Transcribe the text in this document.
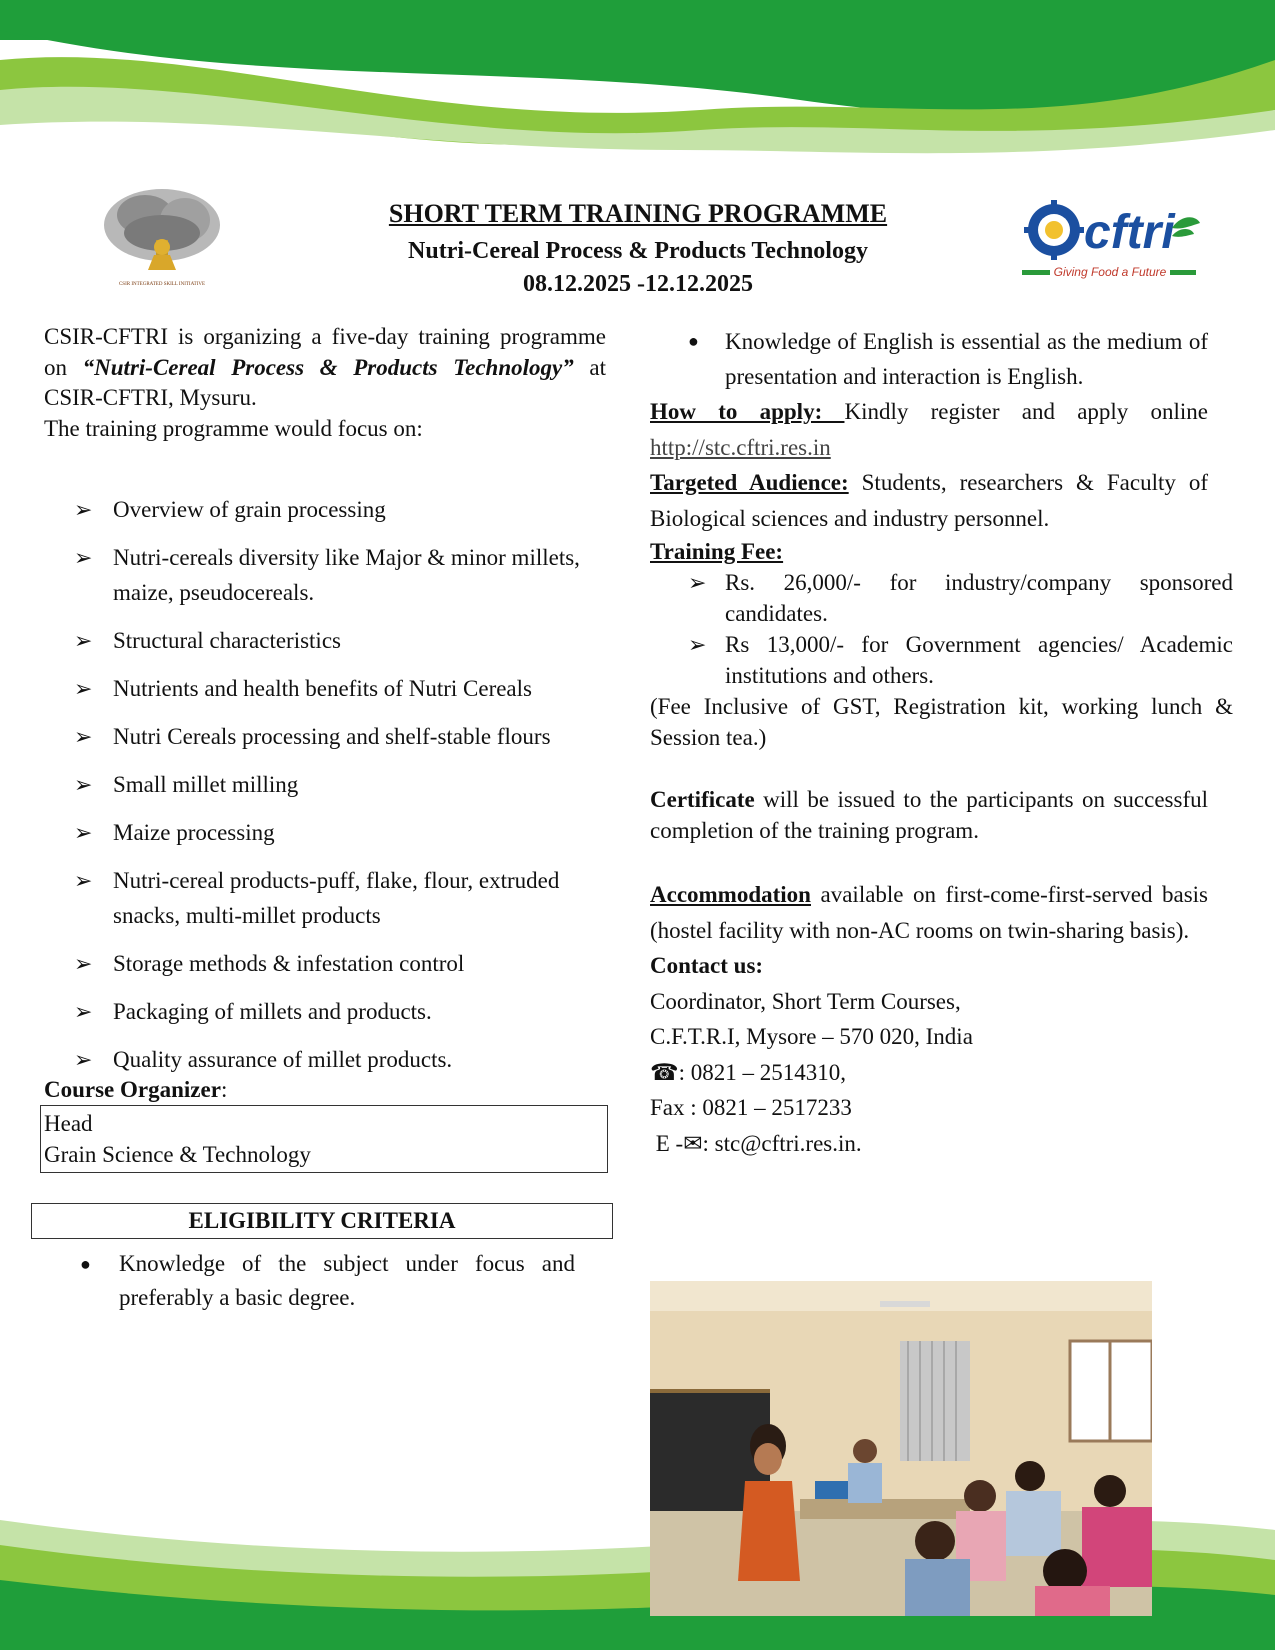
CSIR INTEGRATED SKILL INITIATIVE
SHORT TERM TRAINING PROGRAMME
Nutri-Cereal Process & Products Technology
08.12.2025 -12.12.2025
cftri
Giving Food a Future

CSIR-CFTRI is organizing a five-day training programme on “Nutri-Cereal Process & Products Technology” at CSIR-CFTRI, Mysuru.

The training programme would focus on:

➢ Overview of grain processing
➢ Nutri-cereals diversity like Major & minor millets, maize, pseudocereals.
➢ Structural characteristics
➢ Nutrients and health benefits of Nutri Cereals
➢ Nutri Cereals processing and shelf-stable flours
➢ Small millet milling
➢ Maize processing
➢ Nutri-cereal products-puff, flake, flour, extruded snacks, multi-millet products
➢ Storage methods & infestation control
➢ Packaging of millets and products.
➢ Quality assurance of millet products.
Course Organizer:
Head
Grain Science & Technology
ELIGIBILITY CRITERIA
● Knowledge of the subject under focus and preferably a basic degree.
● Knowledge of English is essential as the medium of presentation and interaction is English.

How to apply: Kindly register and apply online http://stc.cftri.res.in

Targeted Audience: Students, researchers & Faculty of Biological sciences and industry personnel.

Training Fee:
➢ Rs. 26,000/- for industry/company sponsored candidates.
➢ Rs 13,000/- for Government agencies/ Academic institutions and others.

(Fee Inclusive of GST, Registration kit, working lunch & Session tea.)

Certificate will be issued to the participants on successful completion of the training program.

Accommodation available on first-come-first-served basis (hostel facility with non-AC rooms on twin-sharing basis).

Contact us:
Coordinator, Short Term Courses,
C.F.T.R.I, Mysore – 570 020, India
☎: 0821 – 2514310,
Fax : 0821 – 2517233
E -✉: stc@cftri.res.in.
